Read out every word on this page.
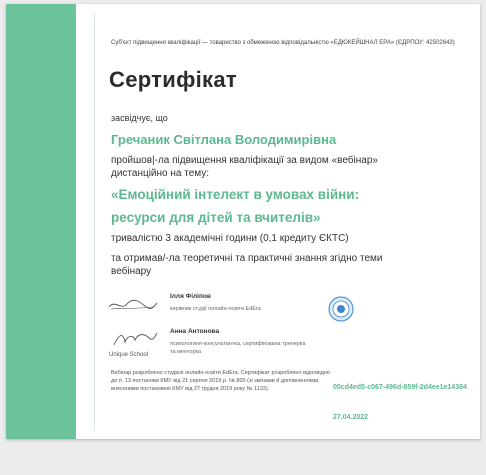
Суб'єкт підвищення кваліфікації — товариство з обмеженою відповідальністю «ЕДЮКЕЙШНАЛ ЕРА» (ЄДРПОУ: 42502643)

Сертифікат

засвідчує, що

Гречаник Світлана Володимирівна

пройшов|-ла підвищення кваліфікації за видом «вебінар» дистанційно на тему:

«Емоційний інтелект в умовах війни:

ресурси для дітей та вчителів»

тривалістю 3 академічні години (0,1 кредиту ЄКТС)

та отримав/-ла теоретичні та практичні знання згідно теми вебінару

Ілля Філіпов

керівник студії онлайн-освіти EdEra

Анна Антонова

психологиня-консультантка, сертифікована тренерка та менторка

Unique School

Вебінар розроблено студією онлайн-освіти EdEra. Сертифікат розроблено відповідно до п. 13 постанови КМУ від 21 серпня 2019 р. № 800 (зі змінами й доповненнями, внесеними постановою КМУ від 27 грудня 2019 року № 1133).	00cd4ed5-c067-496d-859f-2d4ee1e14384

27.04.2022
